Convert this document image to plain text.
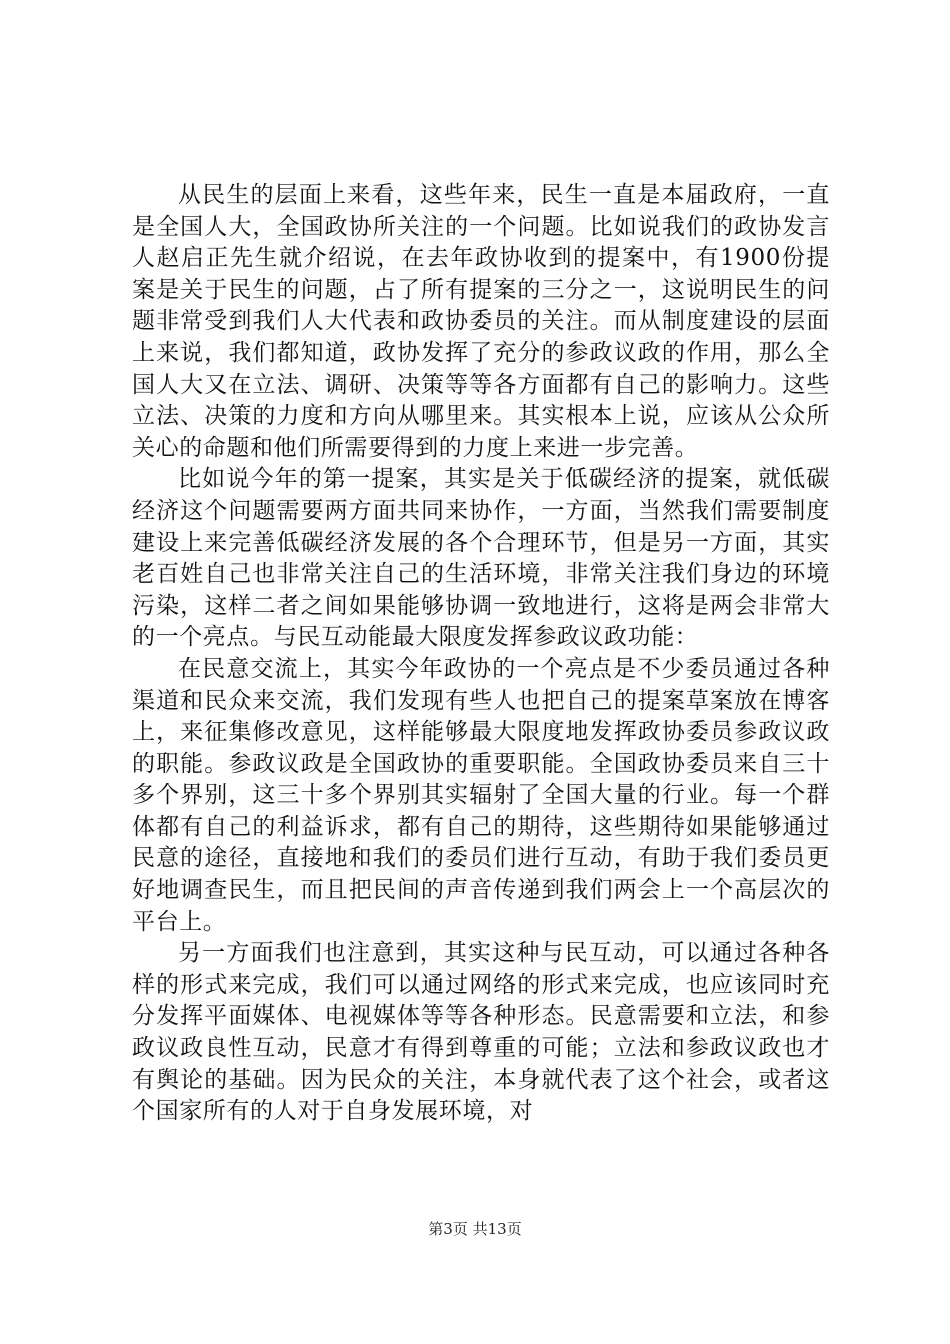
从民生的层面上来看，这些年来，民生一直是本届政府，一直是全国人大，全国政协所关注的一个问题。比如说我们的政协发言人赵启正先生就介绍说，在去年政协收到的提案中，有1900份提案是关于民生的问题，占了所有提案的三分之一，这说明民生的问题非常受到我们人大代表和政协委员的关注。而从制度建设的层面上来说，我们都知道，政协发挥了充分的参政议政的作用，那么全国人大又在立法、调研、决策等等各方面都有自己的影响力。这些立法、决策的力度和方向从哪里来。其实根本上说，应该从公众所关心的命题和他们所需要得到的力度上来进一步完善。

比如说今年的第一提案，其实是关于低碳经济的提案，就低碳经济这个问题需要两方面共同来协作，一方面，当然我们需要制度建设上来完善低碳经济发展的各个合理环节，但是另一方面，其实老百姓自己也非常关注自己的生活环境，非常关注我们身边的环境污染，这样二者之间如果能够协调一致地进行，这将是两会非常大的一个亮点。与民互动能最大限度发挥参政议政功能：

在民意交流上，其实今年政协的一个亮点是不少委员通过各种渠道和民众来交流，我们发现有些人也把自己的提案草案放在博客上，来征集修改意见，这样能够最大限度地发挥政协委员参政议政的职能。参政议政是全国政协的重要职能。全国政协委员来自三十多个界别，这三十多个界别其实辐射了全国大量的行业。每一个群体都有自己的利益诉求，都有自己的期待，这些期待如果能够通过民意的途径，直接地和我们的委员们进行互动，有助于我们委员更好地调查民生，而且把民间的声音传递到我们两会上一个高层次的平台上。

另一方面我们也注意到，其实这种与民互动，可以通过各种各样的形式来完成，我们可以通过网络的形式来完成，也应该同时充分发挥平面媒体、电视媒体等等各种形态。民意需要和立法，和参政议政良性互动，民意才有得到尊重的可能；立法和参政议政也才有舆论的基础。因为民众的关注，本身就代表了这个社会，或者这个国家所有的人对于自身发展环境，对

第3页 共13页
